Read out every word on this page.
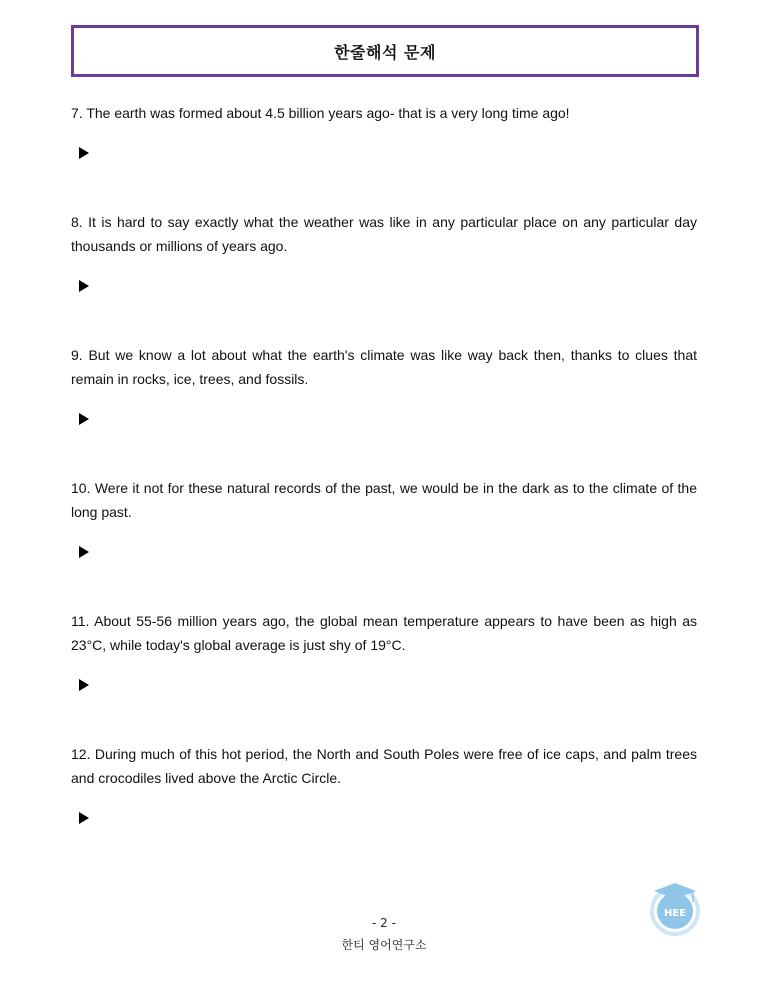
한줄해석 문제

7. The earth was formed about 4.5 billion years ago- that is a very long time ago!

8. It is hard to say exactly what the weather was like in any particular place on any particular day thousands or millions of years ago.

9. But we know a lot about what the earth's climate was like way back then, thanks to clues that remain in rocks, ice, trees, and fossils.

10. Were it not for these natural records of the past, we would be in the dark as to the climate of the long past.

11. About 55-56 million years ago, the global mean temperature appears to have been as high as 23°C, while today's global average is just shy of 19°C.

12. During much of this hot period, the North and South Poles were free of ice caps, and palm trees and crocodiles lived above the Arctic Circle.

HEE
- 2 -
한티 영어연구소
